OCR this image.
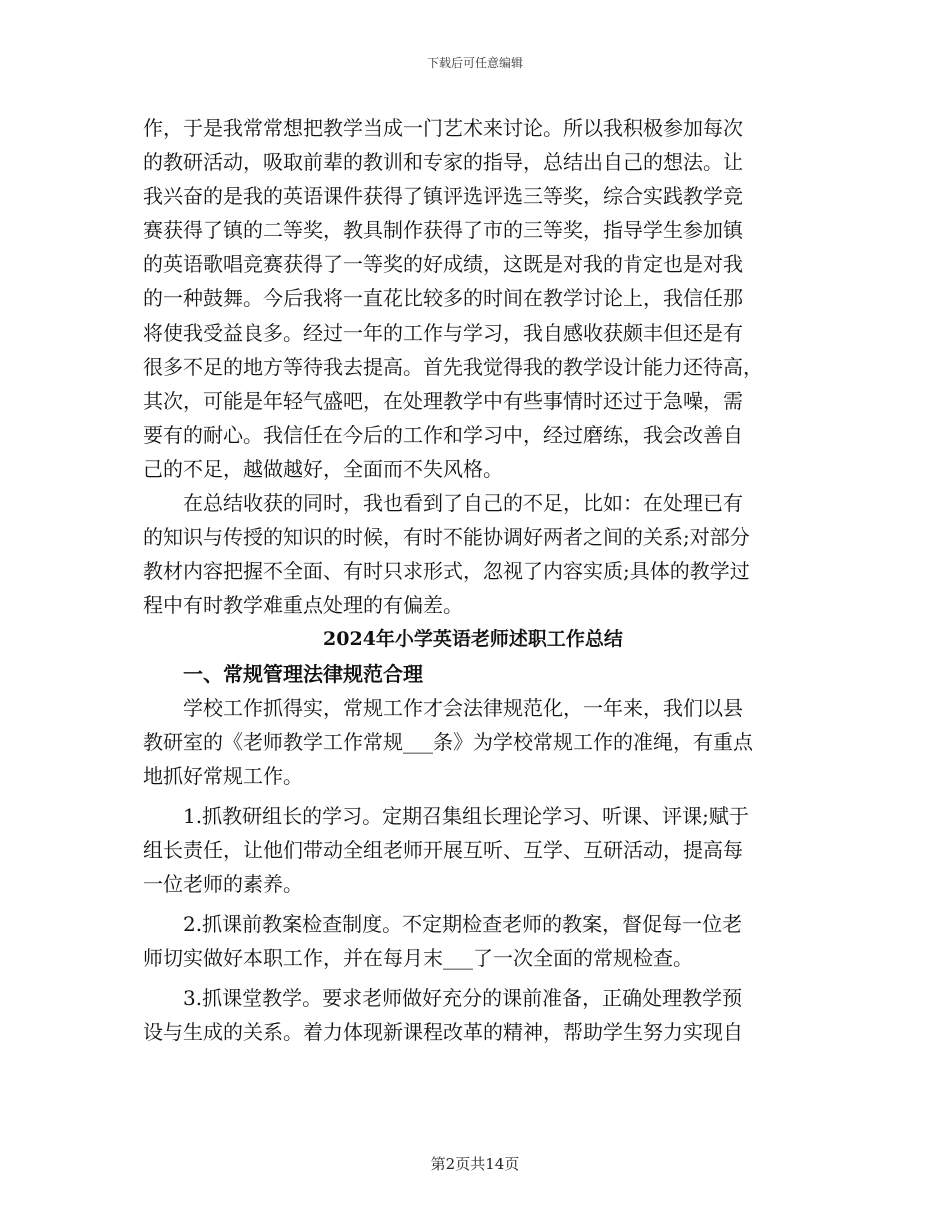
下载后可任意编辑
作，于是我常常想把教学当成一门艺术来讨论。所以我积极参加每次
的教研活动，吸取前辈的教训和专家的指导，总结出自己的想法。让
我兴奋的是我的英语课件获得了镇评选评选三等奖，综合实践教学竞
赛获得了镇的二等奖，教具制作获得了市的三等奖，指导学生参加镇
的英语歌唱竞赛获得了一等奖的好成绩，这既是对我的肯定也是对我
的一种鼓舞。今后我将一直花比较多的时间在教学讨论上，我信任那
将使我受益良多。经过一年的工作与学习，我自感收获颇丰但还是有
很多不足的地方等待我去提高。首先我觉得我的教学设计能力还待高，
其次，可能是年轻气盛吧，在处理教学中有些事情时还过于急噪，需
要有的耐心。我信任在今后的工作和学习中，经过磨练，我会改善自
己的不足，越做越好，全面而不失风格。
在总结收获的同时，我也看到了自己的不足，比如：在处理已有
的知识与传授的知识的时候，有时不能协调好两者之间的关系;对部分
教材内容把握不全面、有时只求形式，忽视了内容实质;具体的教学过
程中有时教学难重点处理的有偏差。
2024年小学英语老师述职工作总结
一、常规管理法律规范合理
学校工作抓得实，常规工作才会法律规范化，一年来，我们以县
教研室的《老师教学工作常规___条》为学校常规工作的准绳，有重点
地抓好常规工作。
1.抓教研组长的学习。定期召集组长理论学习、听课、评课;赋于
组长责任，让他们带动全组老师开展互听、互学、互研活动，提高每
一位老师的素养。
2.抓课前教案检查制度。不定期检查老师的教案，督促每一位老
师切实做好本职工作，并在每月末___了一次全面的常规检查。
3.抓课堂教学。要求老师做好充分的课前准备，正确处理教学预
设与生成的关系。着力体现新课程改革的精神，帮助学生努力实现自
第2页共14页
